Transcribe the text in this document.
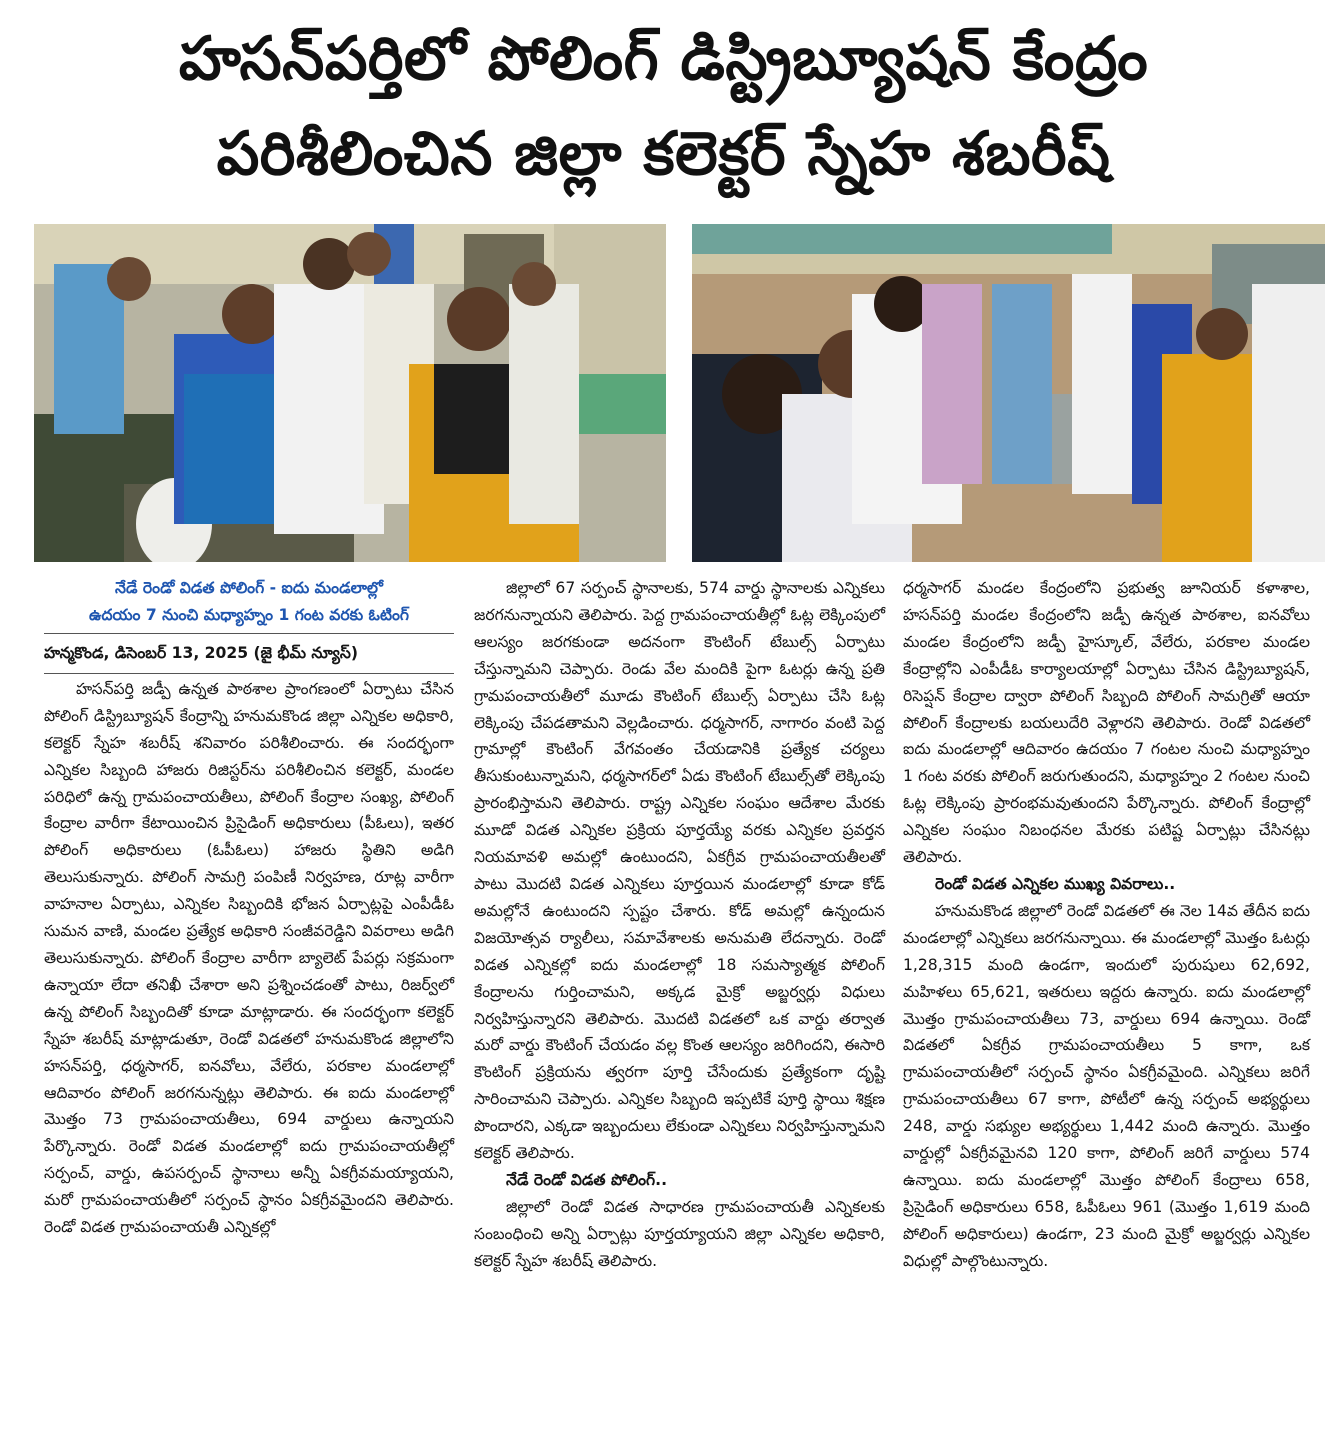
హసన్‌పర్తిలో పోలింగ్ డిస్ట్రిబ్యూషన్ కేంద్రం
పరిశీలించిన జిల్లా కలెక్టర్ స్నేహ శబరీష్
నేడే రెండో విడత పోలింగ్ - ఐదు మండలాల్లో
ఉదయం 7 నుంచి మధ్యాహ్నం 1 గంట వరకు ఓటింగ్
హన్మకొండ, డిసెంబర్ 13, 2025 (జై భీమ్ న్యూస్)

హసన్‌పర్తి జడ్పీ ఉన్నత పాఠశాల ప్రాంగణంలో ఏర్పాటు చేసిన పోలింగ్ డిస్ట్రిబ్యూషన్ కేంద్రాన్ని హనుమకొండ జిల్లా ఎన్నికల అధికారి, కలెక్టర్ స్నేహ శబరీష్ శనివారం పరిశీలించారు. ఈ సందర్భంగా ఎన్నికల సిబ్బంది హాజరు రిజిస్టర్‌ను పరిశీలించిన కలెక్టర్, మండల పరిధిలో ఉన్న గ్రామపంచాయతీలు, పోలింగ్ కేంద్రాల సంఖ్య, పోలింగ్ కేంద్రాల వారీగా కేటాయించిన ప్రిసైడింగ్ అధికారులు (పీఓలు), ఇతర పోలింగ్ అధికారులు (ఓపీఓలు) హాజరు స్థితిని అడిగి తెలుసుకున్నారు. పోలింగ్ సామగ్రి పంపిణీ నిర్వహణ, రూట్ల వారీగా వాహనాల ఏర్పాటు, ఎన్నికల సిబ్బందికి భోజన ఏర్పాట్లపై ఎంపీడీఓ సుమన వాణి, మండల ప్రత్యేక అధికారి సంజీవరెడ్డిని వివరాలు అడిగి తెలుసుకున్నారు. పోలింగ్ కేంద్రాల వారీగా బ్యాలెట్ పేపర్లు సక్రమంగా ఉన్నాయా లేదా తనిఖీ చేశారా అని ప్రశ్నించడంతో పాటు, రిజర్వ్‌లో ఉన్న పోలింగ్ సిబ్బందితో కూడా మాట్లాడారు. ఈ సందర్భంగా కలెక్టర్ స్నేహ శబరీష్ మాట్లాడుతూ, రెండో విడతలో హనుమకొండ జిల్లాలోని హసన్‌పర్తి, ధర్మసాగర్, ఐనవోలు, వేలేరు, పరకాల మండలాల్లో ఆదివారం పోలింగ్ జరగనున్నట్లు తెలిపారు. ఈ ఐదు మండలాల్లో మొత్తం 73 గ్రామపంచాయతీలు, 694 వార్డులు ఉన్నాయని పేర్కొన్నారు. రెండో విడత మండలాల్లో ఐదు గ్రామపంచాయతీల్లో సర్పంచ్, వార్డు, ఉపసర్పంచ్ స్థానాలు అన్నీ ఏకగ్రీవమయ్యాయని, మరో గ్రామపంచాయతీలో సర్పంచ్ స్థానం ఏకగ్రీవమైందని తెలిపారు. రెండో విడత గ్రామపంచాయతీ ఎన్నికల్లో

జిల్లాలో 67 సర్పంచ్ స్థానాలకు, 574 వార్డు స్థానాలకు ఎన్నికలు జరగనున్నాయని తెలిపారు. పెద్ద గ్రామపంచాయతీల్లో ఓట్ల లెక్కింపులో ఆలస్యం జరగకుండా అదనంగా కౌంటింగ్ టేబుల్స్ ఏర్పాటు చేస్తున్నామని చెప్పారు. రెండు వేల మందికి పైగా ఓటర్లు ఉన్న ప్రతి గ్రామపంచాయతీలో మూడు కౌంటింగ్ టేబుల్స్ ఏర్పాటు చేసి ఓట్ల లెక్కింపు చేపడతామని వెల్లడించారు. ధర్మసాగర్, నాగారం వంటి పెద్ద గ్రామాల్లో కౌంటింగ్ వేగవంతం చేయడానికి ప్రత్యేక చర్యలు తీసుకుంటున్నామని, ధర్మసాగర్‌లో ఏడు కౌంటింగ్ టేబుల్స్‌తో లెక్కింపు ప్రారంభిస్తామని తెలిపారు. రాష్ట్ర ఎన్నికల సంఘం ఆదేశాల మేరకు మూడో విడత ఎన్నికల ప్రక్రియ పూర్తయ్యే వరకు ఎన్నికల ప్రవర్తన నియమావళి అమల్లో ఉంటుందని, ఏకగ్రీవ గ్రామపంచాయతీలతో పాటు మొదటి విడత ఎన్నికలు పూర్తయిన మండలాల్లో కూడా కోడ్ అమల్లోనే ఉంటుందని స్పష్టం చేశారు. కోడ్ అమల్లో ఉన్నందున విజయోత్సవ ర్యాలీలు, సమావేశాలకు అనుమతి లేదన్నారు. రెండో విడత ఎన్నికల్లో ఐదు మండలాల్లో 18 సమస్యాత్మక పోలింగ్ కేంద్రాలను గుర్తించామని, అక్కడ మైక్రో అబ్జర్వర్లు విధులు నిర్వహిస్తున్నారని తెలిపారు. మొదటి విడతలో ఒక వార్డు తర్వాత మరో వార్డు కౌంటింగ్ చేయడం వల్ల కొంత ఆలస్యం జరిగిందని, ఈసారి కౌంటింగ్ ప్రక్రియను త్వరగా పూర్తి చేసేందుకు ప్రత్యేకంగా దృష్టి సారించామని చెప్పారు. ఎన్నికల సిబ్బంది ఇప్పటికే పూర్తి స్థాయి శిక్షణ పొందారని, ఎక్కడా ఇబ్బందులు లేకుండా ఎన్నికలు నిర్వహిస్తున్నామని కలెక్టర్ తెలిపారు.

నేడే రెండో విడత పోలింగ్..

జిల్లాలో రెండో విడత సాధారణ గ్రామపంచాయతీ ఎన్నికలకు సంబంధించి అన్ని ఏర్పాట్లు పూర్తయ్యాయని జిల్లా ఎన్నికల అధికారి, కలెక్టర్ స్నేహ శబరీష్ తెలిపారు.

ధర్మసాగర్ మండల కేంద్రంలోని ప్రభుత్వ జూనియర్ కళాశాల, హసన్‌పర్తి మండల కేంద్రంలోని జడ్పీ ఉన్నత పాఠశాల, ఐనవోలు మండల కేంద్రంలోని జడ్పీ హైస్కూల్, వేలేరు, పరకాల మండల కేంద్రాల్లోని ఎంపీడీఓ కార్యాలయాల్లో ఏర్పాటు చేసిన డిస్ట్రిబ్యూషన్, రిసెప్షన్ కేంద్రాల ద్వారా పోలింగ్ సిబ్బంది పోలింగ్ సామగ్రితో ఆయా పోలింగ్ కేంద్రాలకు బయలుదేరి వెళ్లారని తెలిపారు. రెండో విడతలో ఐదు మండలాల్లో ఆదివారం ఉదయం 7 గంటల నుంచి మధ్యాహ్నం 1 గంట వరకు పోలింగ్ జరుగుతుందని, మధ్యాహ్నం 2 గంటల నుంచి ఓట్ల లెక్కింపు ప్రారంభమవుతుందని పేర్కొన్నారు. పోలింగ్ కేంద్రాల్లో ఎన్నికల సంఘం నిబంధనల మేరకు పటిష్ట ఏర్పాట్లు చేసినట్లు తెలిపారు.

రెండో విడత ఎన్నికల ముఖ్య వివరాలు..

హనుమకొండ జిల్లాలో రెండో విడతలో ఈ నెల 14వ తేదీన ఐదు మండలాల్లో ఎన్నికలు జరగనున్నాయి. ఈ మండలాల్లో మొత్తం ఓటర్లు 1,28,315 మంది ఉండగా, ఇందులో పురుషులు 62,692, మహిళలు 65,621, ఇతరులు ఇద్దరు ఉన్నారు. ఐదు మండలాల్లో మొత్తం గ్రామపంచాయతీలు 73, వార్డులు 694 ఉన్నాయి. రెండో విడతలో ఏకగ్రీవ గ్రామపంచాయతీలు 5 కాగా, ఒక గ్రామపంచాయతీలో సర్పంచ్ స్థానం ఏకగ్రీవమైంది. ఎన్నికలు జరిగే గ్రామపంచాయతీలు 67 కాగా, పోటీలో ఉన్న సర్పంచ్ అభ్యర్థులు 248, వార్డు సభ్యుల అభ్యర్థులు 1,442 మంది ఉన్నారు. మొత్తం వార్డుల్లో ఏకగ్రీవమైనవి 120 కాగా, పోలింగ్ జరిగే వార్డులు 574 ఉన్నాయి. ఐదు మండలాల్లో మొత్తం పోలింగ్ కేంద్రాలు 658, ప్రిసైడింగ్ అధికారులు 658, ఓపీఓలు 961 (మొత్తం 1,619 మంది పోలింగ్ అధికారులు) ఉండగా, 23 మంది మైక్రో అబ్జర్వర్లు ఎన్నికల విధుల్లో పాల్గొంటున్నారు.
